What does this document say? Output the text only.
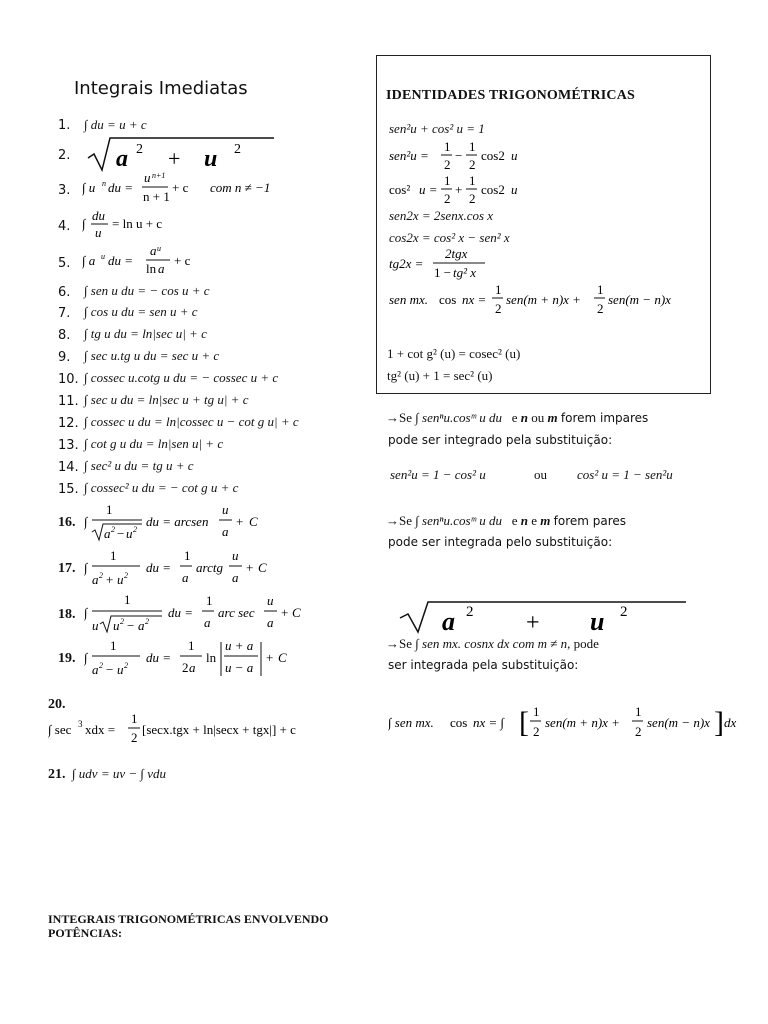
Integrais Imediatas
1. ∫ du = u + c
2. a 2 + u 2
3. ∫ u n du =
u n+1
n + 1
+ c com n ≠ −1
4. ∫
du
u
= ln u + c
5. ∫ a u du =
a u
ln a
+ c
6. ∫ sen u du = − cos u + c
7. ∫ cos u du = sen u + c
8. ∫ tg u du = ln|sec u| + c
9. ∫ sec u.tg u du = sec u + c
10. ∫ cossec u.cotg u du = − cossec u + c
11. ∫ sec u du = ln|sec u + tg u| + c
12. ∫ cossec u du = ln|cossec u − cot g u| + c
13. ∫ cot g u du = ln|sen u| + c
14. ∫ sec² u du = tg u + c
15. ∫ cossec² u du = − cot g u + c
16. ∫
1
a 2 − u 2
du = arcsen
u
a
+ C
17. ∫
1
a 2 + u 2
du =
1
a
arctg
u
a
+ C
18. ∫
1
u u 2 − a 2
du =
1
a
arc sec
u
a
+ C
19. ∫
1
a 2 − u 2
du =
1
2 a
ln
u + a
u − a
+ C
20.
∫ sec 3 xdx =
1
2
[secx.tgx + ln|secx + tgx|] + c
21. ∫ udv = uv − ∫ vdu
IDENTIDADES TRIGONOMÉTRICAS
sen²u + cos² u = 1
sen²u =
1
2
−
1
2
cos2 u
cos² u =
1
2
+
1
2
cos2 u
sen2x = 2senx.cos x
cos2x = cos² x − sen² x
tg2x =
2tgx
1 − tg² x
sen mx. cos nx =
1
2
sen(m + n)x +
1
2
sen(m − n)x
1 + cot g² (u) = cosec² (u)
tg² (u) + 1 = sec² (u)
→Se ∫ senⁿu.cosᵐ u du e n ou m forem impares
pode ser integrado pela substituição:
sen²u = 1 − cos² u	ou cos² u = 1 − sen²u
→Se ∫ senⁿu.cosᵐ u du e n e m forem pares
pode ser integrada pelo substituição:
a 2 + u 2
→Se ∫ sen mx. cosnx dx com m ≠ n, pode
ser integrada pela substituição:
∫ sen mx. cos nx = ∫ [ 1
2
sen(m + n)x +
1
2
sen(m − n)x ] dx
INTEGRAIS TRIGONOMÉTRICAS ENVOLVENDO POTÊNCIAS:
